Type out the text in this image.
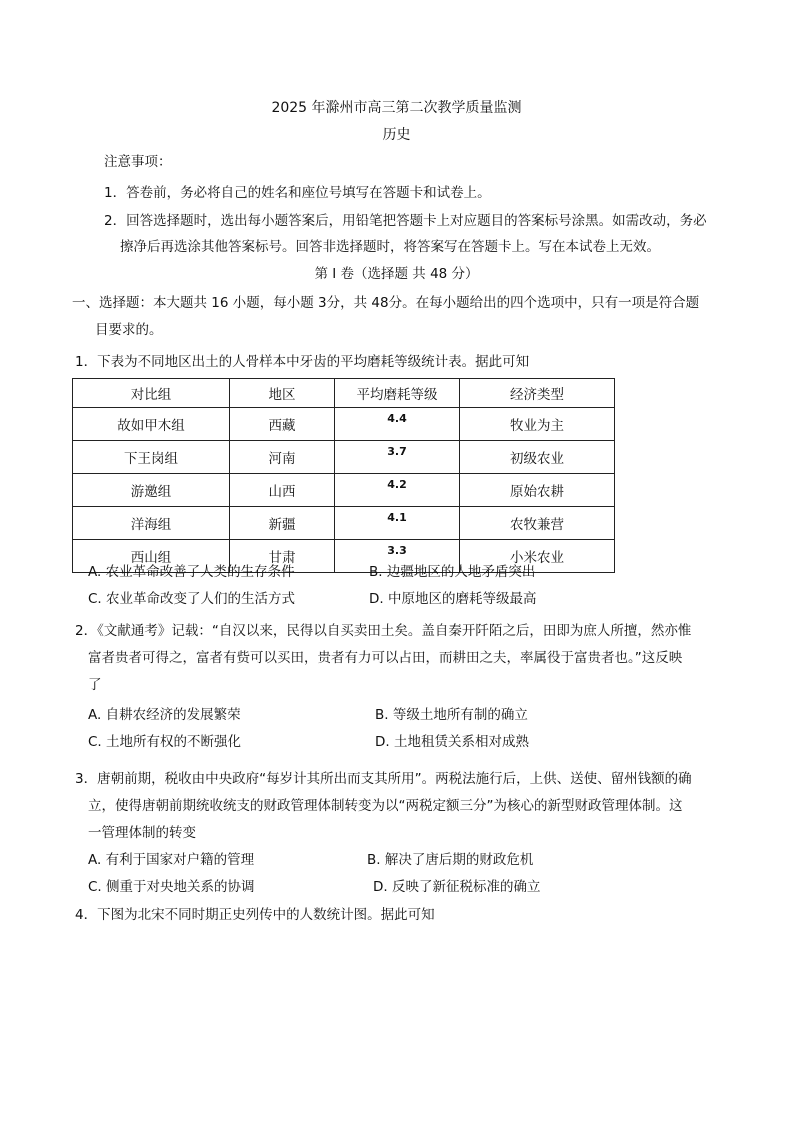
2025 年滁州市高三第二次教学质量监测
历史
注意事项：
1．答卷前，务必将自己的姓名和座位号填写在答题卡和试卷上。
2．回答选择题时，选出每小题答案后，用铅笔把答题卡上对应题目的答案标号涂黑。如需改动，务必
擦净后再选涂其他答案标号。回答非选择题时，将答案写在答题卡上。写在本试卷上无效。
第 I 卷（选择题 共 48 分）
一、选择题：本大题共 16 小题，每小题 3分，共 48分。在每小题给出的四个选项中，只有一项是符合题
目要求的。
1．下表为不同地区出土的人骨样本中牙齿的平均磨耗等级统计表。据此可知
对比组	地区	平均磨耗等级	经济类型
故如甲木组	西藏	4.4	牧业为主
下王岗组	河南	3.7	初级农业
游邀组	山西	4.2	原始农耕
洋海组	新疆	4.1	农牧兼营
西山组	甘肃	3.3	小米农业
A. 农业革命改善了人类的生存条件	B. 边疆地区的人地矛盾突出
C. 农业革命改变了人们的生活方式	D. 中原地区的磨耗等级最高
2．《文献通考》记载：“自汉以来，民得以自买卖田土矣。盖自秦开阡陌之后，田即为庶人所擅，然亦惟
富者贵者可得之，富者有赀可以买田，贵者有力可以占田，而耕田之夫，率属役于富贵者也。”这反映
了
A. 自耕农经济的发展繁荣	B. 等级土地所有制的确立
C. 土地所有权的不断强化	D. 土地租赁关系相对成熟
3．唐朝前期，税收由中央政府“每岁计其所出而支其所用”。两税法施行后，上供、送使、留州钱额的确
立，使得唐朝前期统收统支的财政管理体制转变为以“两税定额三分”为核心的新型财政管理体制。这
一管理体制的转变
A. 有利于国家对户籍的管理	B. 解决了唐后期的财政危机
C. 侧重于对央地关系的协调	D. 反映了新征税标准的确立
4．下图为北宋不同时期正史列传中的人数统计图。据此可知
